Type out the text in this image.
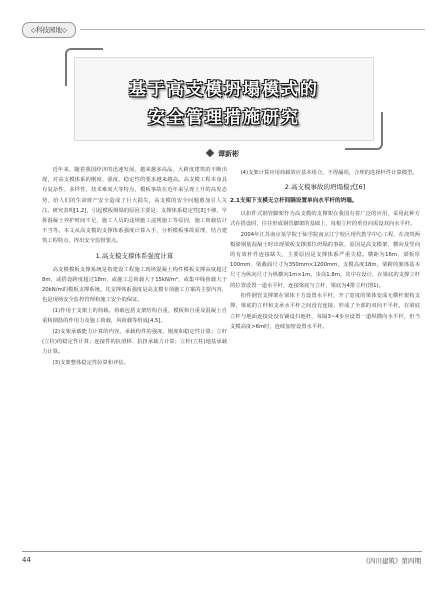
◇科技园地◇
基于高支模坍塌模式的
安全管理措施研究
谭新彬

近年来，随着我国经济的迅速发展，越来越多高品、大跨度建筑的不断出现，对高支模体系的刚度、强度、稳定性的要求越来越高。高支模工程本身具有复杂性、多样性，技术难度大等特点，模板事故在近年来呈现上升的高发态势，给人们的生命财产安全造成了巨大损失，高支模的安全问题愈加引人关注。研究表明[1,2]，引起模板倒塌的原因主要是：支撑体系稳定性[3]不够，早拆混凝土养护时间不足，施工人员的违规施工违规施工等原因，施工荷载估计不当等。本文从高支模的支撑体系强度计算入手，分析模板事故原理，结合建筑工程特点，得出安全监督要点。

1.高支模支撑体系强度计算

高支模模板支撑系统是指建设工程施工现场混凝土构件模板支撑高度超过8m，或搭设跨度超过18m，或施工总荷载大于15kN/m²，或集中线荷载大于20kN/m的模板支撑系统。其支撑体系强度是高支模专项施工方案的主要内容，也是现场安全监控管理和施工安全的保证。

(1)作用于支架上的荷载。荷载包括支架结构自重，模板和自重及混凝土自重和钢筋的作用力及施工荷载，风荷载等组成[4,5]。

(2)支架承载能力计算的内容。承载构件的强度、刚度和稳定性计算；立杆(立柱)的稳定性计算；连接件的抗滑移、抗扭承载力计算；立杆(立柱)地基承载力计算。

(3)支架整体稳定性验算和评估。

(4)支架计算应用荷载效应基本组合，不得漏项，合理的选择杆件计算模型。

2.高支模事故的坍塌模式[6]
2.1支架下支模无立杆间隔设置单向水平杆的坍塌。

以扣件式钢管脚架作为高支模的支撑架在我国有着广泛的应用，采用此种方式在搭设时，往往形成钢管脚架的基础上，每根立杆的垂直向需设双向水平杆。

2004年江苏南京某学院于仙学院南京江宁校区现代教学中心工程，在浇筑两根梁钢筋混凝土时出现梁板支撑部位坍塌的事故，原因是高支模架，横向及竖向的有效杆件连接缺失，主要原因是支撑体系严重失稳。横距为16m、梁板厚100mm、梁截面尺寸为350mm×1200mm，支模高度18m，梁跨的架体基本尺寸为纵向尺寸为纵横向1m×1m，步高1.8m，其中在设计，在梁底的支撑立杆的位置设置一道水平杆，连接梁底与立杆，梁底为4排立杆(图1)。

扣件钢管支撑架在梁体下方设置水平杆，开了宽度的梁体变成无横杆架构支撑，梁底的立杆和支承水平杆之间没有连接，形成了全部的双向不平杆。在梁底立杆与地面连接处没有铺设扫地杆，每隔3~4步应设置一道纵横向水平杆，但当支模高度>6m时，连续加密设置水平杆。

44	《四川建筑》第四期
